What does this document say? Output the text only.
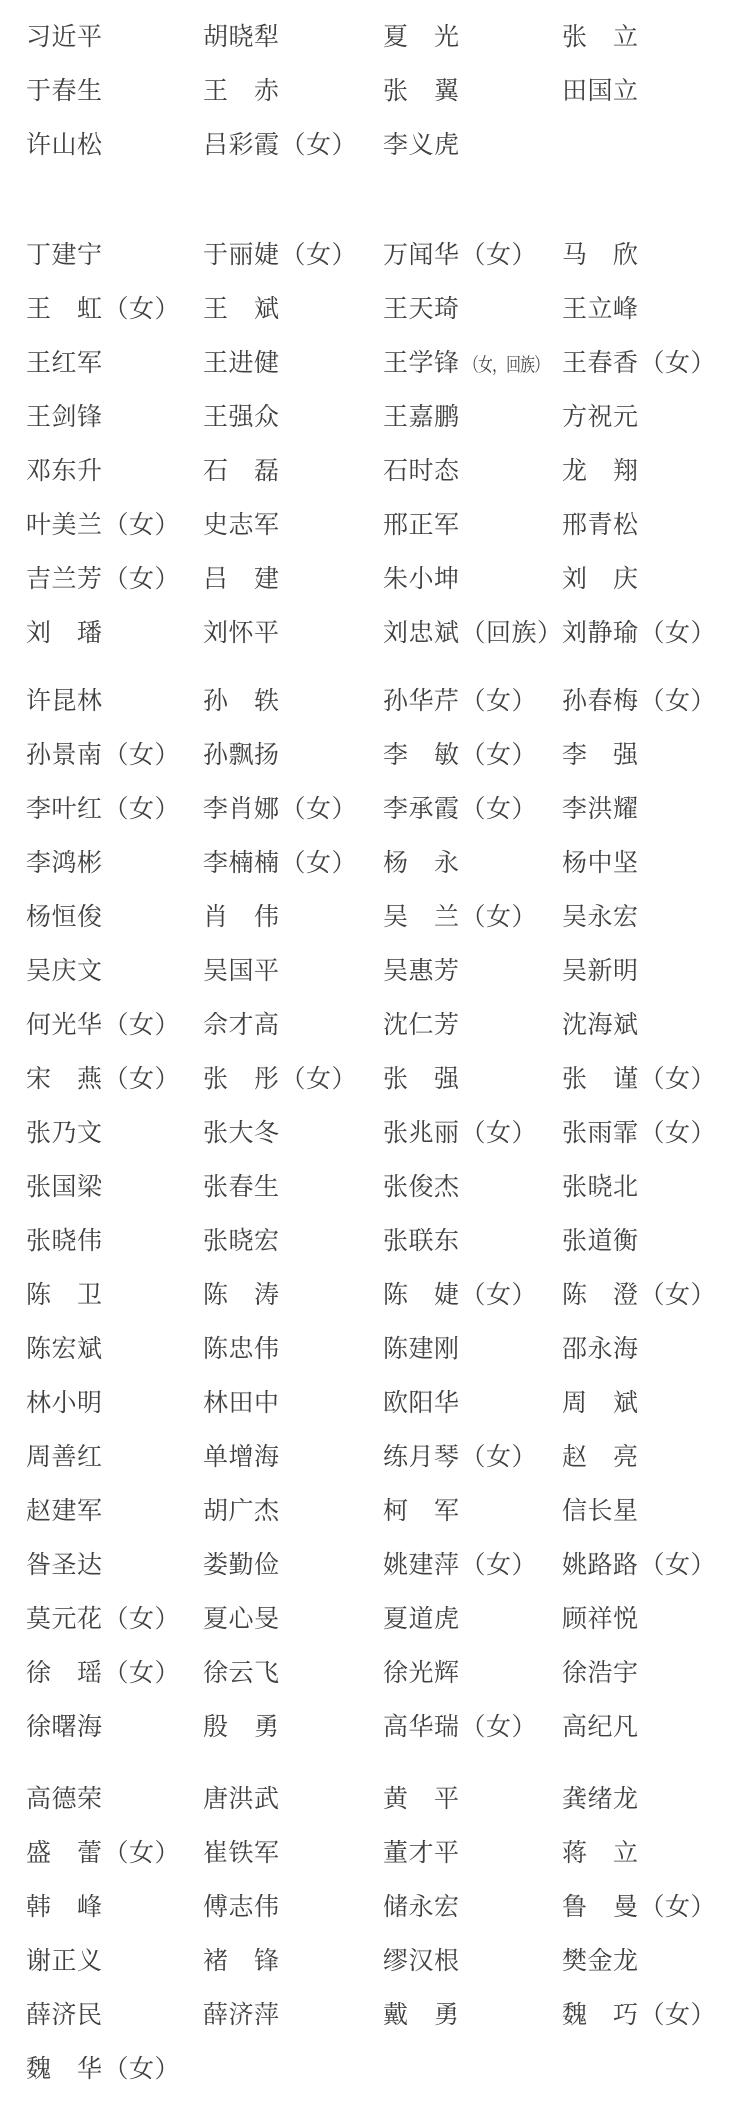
习近平	胡晓犁	夏　光	张　立
于春生	王　赤	张　翼	田国立
许山松	吕彩霞（女）	李义虎
丁建宁	于丽婕（女）	万闻华（女） 马　欣
王　虹（女） 王　斌	王天琦	王立峰
王红军	王进健	王学锋 （女，回族） 王春香（女）
王剑锋	王强众	王嘉鹏	方祝元
邓东升	石　磊	石时态	龙　翔
叶美兰（女） 史志军	邢正军	邢青松
吉兰芳（女） 吕　建	朱小坤	刘　庆
刘　璠	刘怀平	刘忠斌（回族） 刘静瑜（女）
许昆林	孙　轶	孙华芹（女） 孙春梅（女）
孙景南（女） 孙飘扬	李　敏（女） 李　强
李叶红（女） 李肖娜（女）	李承霞（女） 李洪耀
李鸿彬	李楠楠（女）	杨　永	杨中坚
杨恒俊	肖　伟	吴　兰（女） 吴永宏
吴庆文	吴国平	吴惠芳	吴新明
何光华（女） 佘才高	沈仁芳	沈海斌
宋　燕（女） 张　彤（女）	张　强	张　谨（女）
张乃文	张大冬	张兆丽（女） 张雨霏（女）
张国梁	张春生	张俊杰	张晓北
张晓伟	张晓宏	张联东	张道衡
陈　卫	陈　涛	陈　婕（女） 陈　澄（女）
陈宏斌	陈忠伟	陈建刚	邵永海
林小明	林田中	欧阳华	周　斌
周善红	单增海	练月琴（女） 赵　亮
赵建军	胡广杰	柯　军	信长星
昝圣达	娄勤俭	姚建萍（女） 姚路路（女）
莫元花（女） 夏心旻	夏道虎	顾祥悦
徐　瑶（女） 徐云飞	徐光辉	徐浩宇
徐曙海	殷　勇	高华瑞（女） 高纪凡
高德荣	唐洪武	黄　平	龚绪龙
盛　蕾（女） 崔铁军	董才平	蒋　立
韩　峰	傅志伟	储永宏	鲁　曼（女）
谢正义	褚　锋	缪汉根	樊金龙
薛济民	薛济萍	戴　勇	魏　巧（女）
魏　华（女）
